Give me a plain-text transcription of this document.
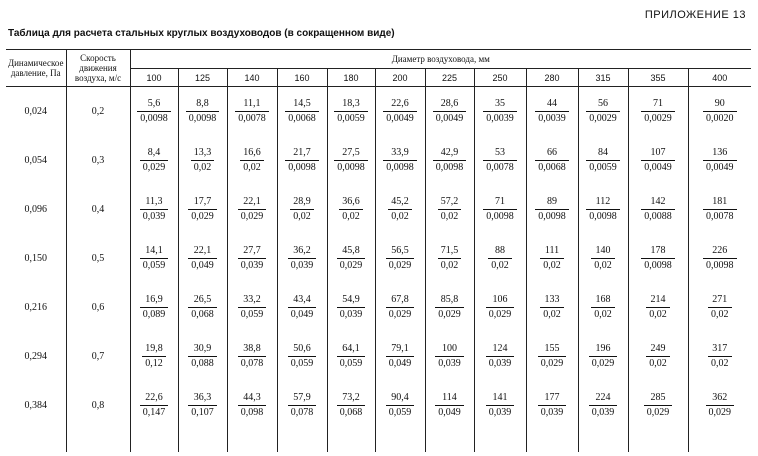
ПРИЛОЖЕНИЕ 13
Таблица для расчета стальных круглых воздуховодов (в сокращенном виде)
Динамическое давление, Па	Скорость движения воздуха, м/с	Диаметр воздуховода, мм											
		100	125	140	160	180	200	225	250	280	315	355	400
0,024	0,2	$\frac{5,6}{0,0098}$	$\frac{8,8}{0,0098}$	$\frac{11,1}{0,0078}$	$\frac{14,5}{0,0068}$	$\frac{18,3}{0,0059}$	$\frac{22,6}{0,0049}$	$\frac{28,6}{0,0049}$	$\frac{35}{0,0039}$	$\frac{44}{0,0039}$	$\frac{56}{0,0029}$	$\frac{71}{0,0029}$	$\frac{90}{0,0020}$

0,054	0,3	$\frac{8,4}{0,029}$	$\frac{13,3}{0,02}$	$\frac{16,6}{0,02}$	$\frac{21,7}{0,0098}$	$\frac{27,5}{0,0098}$	$\frac{33,9}{0,0098}$	$\frac{42,9}{0,0098}$	$\frac{53}{0,0078}$	$\frac{66}{0,0068}$	$\frac{84}{0,0059}$	$\frac{107}{0,0049}$	$\frac{136}{0,0049}$

0,096	0,4	$\frac{11,3}{0,039}$	$\frac{17,7}{0,029}$	$\frac{22,1}{0,029}$	$\frac{28,9}{0,02}$	$\frac{36,6}{0,02}$	$\frac{45,2}{0,02}$	$\frac{57,2}{0,02}$	$\frac{71}{0,0098}$	$\frac{89}{0,0098}$	$\frac{112}{0,0098}$	$\frac{142}{0,0088}$	$\frac{181}{0,0078}$

0,150	0,5	$\frac{14,1}{0,059}$	$\frac{22,1}{0,049}$	$\frac{27,7}{0,039}$	$\frac{36,2}{0,039}$	$\frac{45,8}{0,029}$	$\frac{56,5}{0,029}$	$\frac{71,5}{0,02}$	$\frac{88}{0,02}$	$\frac{111}{0,02}$	$\frac{140}{0,02}$	$\frac{178}{0,0098}$	$\frac{226}{0,0098}$

0,216	0,6	$\frac{16,9}{0,089}$	$\frac{26,5}{0,068}$	$\frac{33,2}{0,059}$	$\frac{43,4}{0,049}$	$\frac{54,9}{0,039}$	$\frac{67,8}{0,029}$	$\frac{85,8}{0,029}$	$\frac{106}{0,029}$	$\frac{133}{0,02}$	$\frac{168}{0,02}$	$\frac{214}{0,02}$	$\frac{271}{0,02}$

0,294	0,7	$\frac{19,8}{0,12}$	$\frac{30,9}{0,088}$	$\frac{38,8}{0,078}$	$\frac{50,6}{0,059}$	$\frac{64,1}{0,059}$	$\frac{79,1}{0,049}$	$\frac{100}{0,039}$	$\frac{124}{0,039}$	$\frac{155}{0,029}$	$\frac{196}{0,029}$	$\frac{249}{0,02}$	$\frac{317}{0,02}$

0,384	0,8	$\frac{22,6}{0,147}$	$\frac{36,3}{0,107}$	$\frac{44,3}{0,098}$	$\frac{57,9}{0,078}$	$\frac{73,2}{0,068}$	$\frac{90,4}{0,059}$	$\frac{114}{0,049}$	$\frac{141}{0,039}$	$\frac{177}{0,039}$	$\frac{224}{0,039}$	$\frac{285}{0,029}$	$\frac{362}{0,029}$
